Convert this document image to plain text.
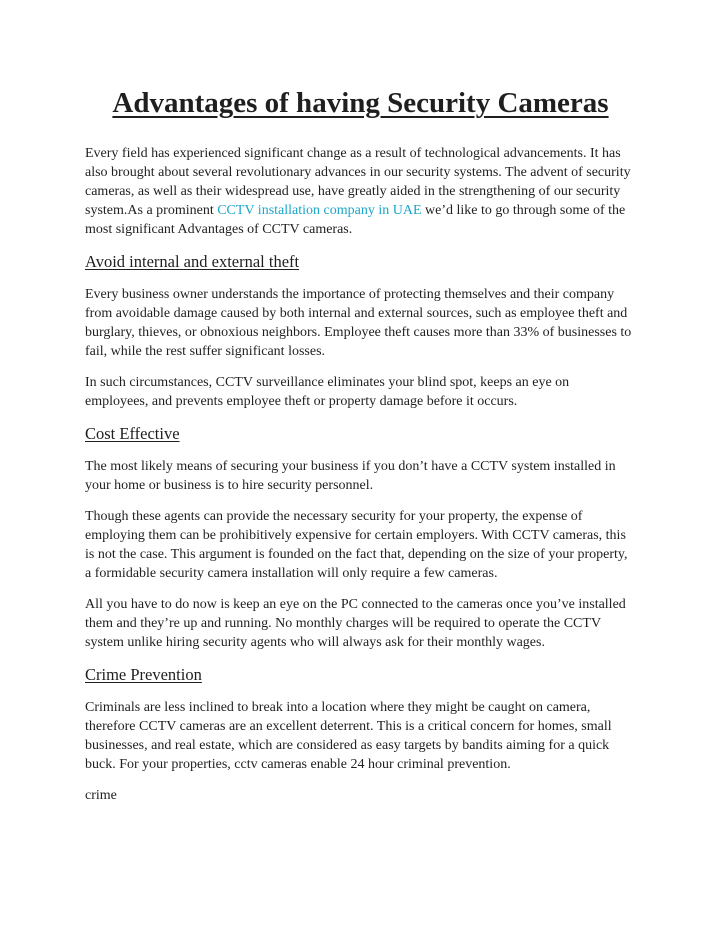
Advantages of having Security Cameras

Every field has experienced significant change as a result of technological advancements. It has also brought about several revolutionary advances in our security systems. The advent of security cameras, as well as their widespread use, have greatly aided in the strengthening of our security system.As a prominent CCTV installation company in UAE we’d like to go through some of the most significant Advantages of CCTV cameras.

Avoid internal and external theft

Every business owner understands the importance of protecting themselves and their company from avoidable damage caused by both internal and external sources, such as employee theft and burglary, thieves, or obnoxious neighbors. Employee theft causes more than 33% of businesses to fail, while the rest suffer significant losses.

In such circumstances, CCTV surveillance eliminates your blind spot, keeps an eye on employees, and prevents employee theft or property damage before it occurs.

Cost Effective

The most likely means of securing your business if you don’t have a CCTV system installed in your home or business is to hire security personnel.

Though these agents can provide the necessary security for your property, the expense of employing them can be prohibitively expensive for certain employers. With CCTV cameras, this is not the case. This argument is founded on the fact that, depending on the size of your property, a formidable security camera installation will only require a few cameras.

All you have to do now is keep an eye on the PC connected to the cameras once you’ve installed them and they’re up and running. No monthly charges will be required to operate the CCTV system unlike hiring security agents who will always ask for their monthly wages.

Crime Prevention

Criminals are less inclined to break into a location where they might be caught on camera, therefore CCTV cameras are an excellent deterrent. This is a critical concern for homes, small businesses, and real estate, which are considered as easy targets by bandits aiming for a quick buck. For your properties, cctv cameras enable 24 hour criminal prevention.

crime
